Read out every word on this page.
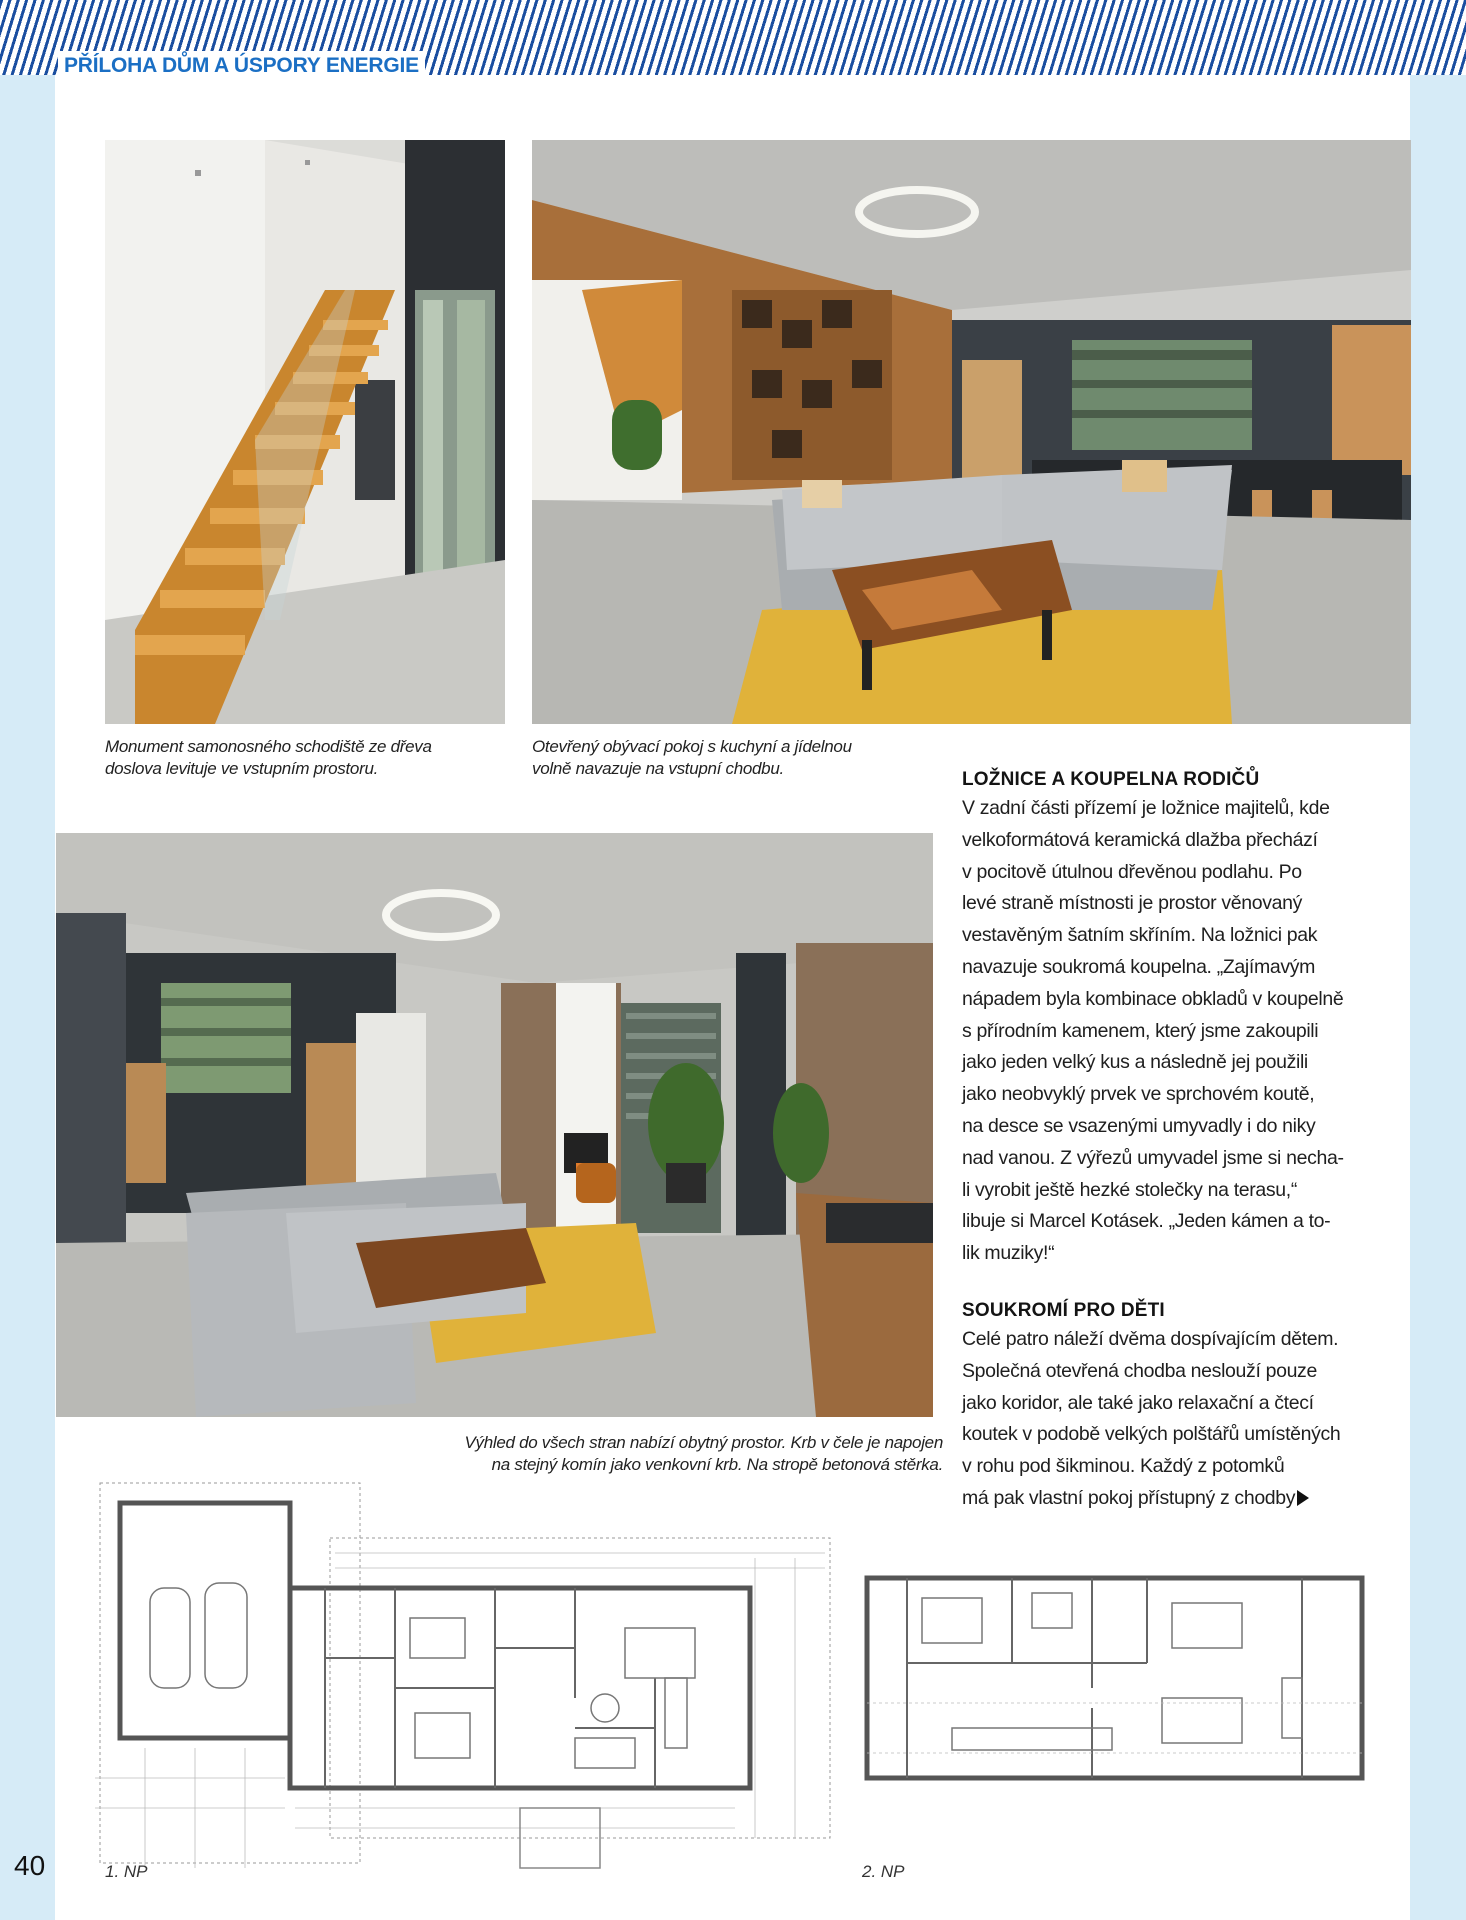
PŘÍLOHA DŮM A ÚSPORY ENERGIE
Monument samonosného schodiště ze dřeva
doslova levituje ve vstupním prostoru.
Otevřený obývací pokoj s kuchyní a jídelnou
volně navazuje na vstupní chodbu.
Výhled do všech stran nabízí obytný prostor. Krb v čele je napojen
na stejný komín jako venkovní krb. Na stropě betonová stěrka.
LOŽNICE A KOUPELNA RODIČŮ
V zadní části přízemí je ložnice majitelů, kde
velkoformátová keramická dlažba přechází
v pocitově útulnou dřevěnou podlahu. Po
levé straně místnosti je prostor věnovaný
vestavěným šatním skříním. Na ložnici pak
navazuje soukromá koupelna. „Zajímavým
nápadem byla kombinace obkladů v koupelně
s přírodním kamenem, který jsme zakoupili
jako jeden velký kus a následně jej použili
jako neobvyklý prvek ve sprchovém koutě,
na desce se vsazenými umyvadly i do niky
nad vanou. Z výřezů umyvadel jsme si necha-
li vyrobit ještě hezké stolečky na terasu,“
libuje si Marcel Kotásek. „Jeden kámen a to-
lik muziky!“
SOUKROMÍ PRO DĚTI
Celé patro náleží dvěma dospívajícím dětem.
Společná otevřená chodba neslouží pouze
jako koridor, ale také jako relaxační a čtecí
koutek v podobě velkých polštářů umístěných
v rohu pod šikminou. Každý z potomků
má pak vlastní pokoj přístupný z chodby
1. NP	2. NP
40
